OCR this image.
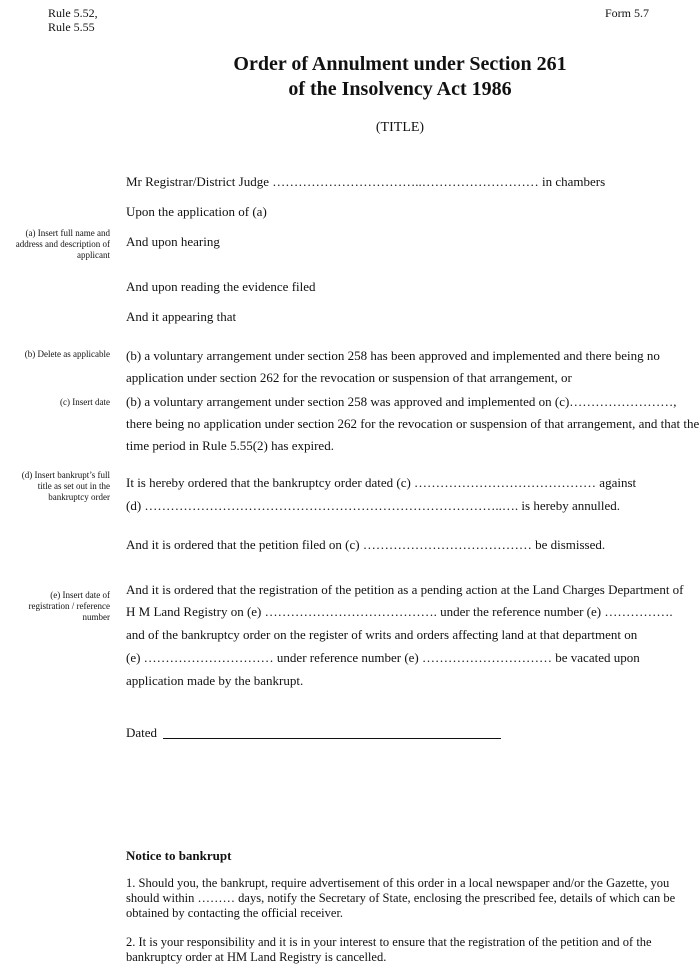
Rule 5.52,
Rule 5.55
Form 5.7
Order of Annulment under Section 261
of the Insolvency Act 1986
(TITLE)
(a) Insert full name and address and description of applicant
(b) Delete as applicable
(c) Insert date
(d) Insert bankrupt’s full title as set out in the bankruptcy order
(e) Insert date of registration / reference number
Mr Registrar/District Judge ……………………………..……………………… in chambers
Upon the application of (a)
And upon hearing
And upon reading the evidence filed
And it appearing that
(b) a voluntary arrangement under section 258 has been approved and implemented and there being no
application under section 262 for the revocation or suspension of that arrangement, or
(b) a voluntary arrangement under section 258 was approved and implemented on (c)……………………,
there being no application under section 262 for the revocation or suspension of that arrangement, and that the
time period in Rule 5.55(2) has expired.
It is hereby ordered that the bankruptcy order dated (c) …………………………………… against
(d) ………………………………………………………………………..…. is hereby annulled.
And it is ordered that the petition filed on (c) ………………………………… be dismissed.
And it is ordered that the registration of the petition as a pending action at the Land Charges Department of
H M Land Registry on (e) …………………………………. under the reference number (e) …………….
and of the bankruptcy order on the register of writs and orders affecting land at that department on
(e) ………………………… under reference number (e) ………………………… be vacated upon
application made by the bankrupt.
Dated
Notice to bankrupt
1. Should you, the bankrupt, require advertisement of this order in a local newspaper and/or the Gazette, you should within ……… days, notify the Secretary of State, enclosing the prescribed fee, details of which can be obtained by contacting the official receiver.
2. It is your responsibility and it is in your interest to ensure that the registration of the petition and of the bankruptcy order at HM Land Registry is cancelled.
